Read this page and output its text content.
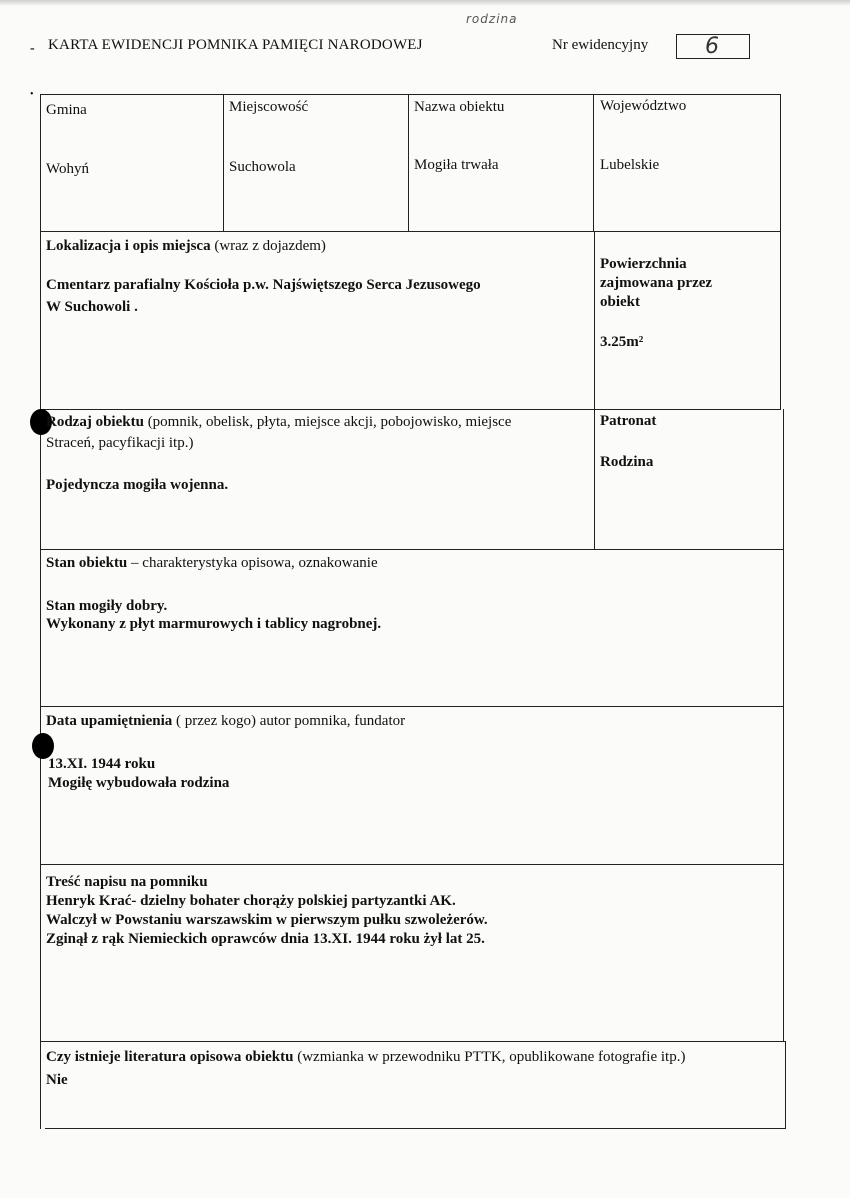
rodzina
-
•
KARTA EWIDENCJI POMNIKA PAMIĘCI NARODOWEJ	Nr ewidencyjny	6
Gmina
Wohyń
Miejscowość
Suchowola
Nazwa obiektu
Mogiła trwała
Województwo
Lubelskie
Lokalizacja i opis miejsca (wraz z dojazdem)
Cmentarz parafialny Kościoła p.w. Najświętszego Serca Jezusowego
W Suchowoli .
Powierzchnia
zajmowana przez
obiekt
3.25m²
Rodzaj obiektu (pomnik, obelisk, płyta, miejsce akcji, pobojowisko, miejsce
Straceń, pacyfikacji itp.)
Pojedyncza mogiła wojenna.
Patronat
Rodzina
Stan obiektu – charakterystyka opisowa, oznakowanie
Stan mogiły dobry.
Wykonany z płyt marmurowych i tablicy nagrobnej.
Data upamiętnienia ( przez kogo) autor pomnika, fundator
13.XI. 1944 roku
Mogiłę wybudowała rodzina
Treść napisu na pomniku
Henryk Krać- dzielny bohater chorąży polskiej partyzantki AK.
Walczył w Powstaniu warszawskim w pierwszym pułku szwoleżerów.
Zginął z rąk Niemieckich oprawców dnia 13.XI. 1944 roku żył lat 25.
Czy istnieje literatura opisowa obiektu (wzmianka w przewodniku PTTK, opublikowane fotografie itp.)
Nie
